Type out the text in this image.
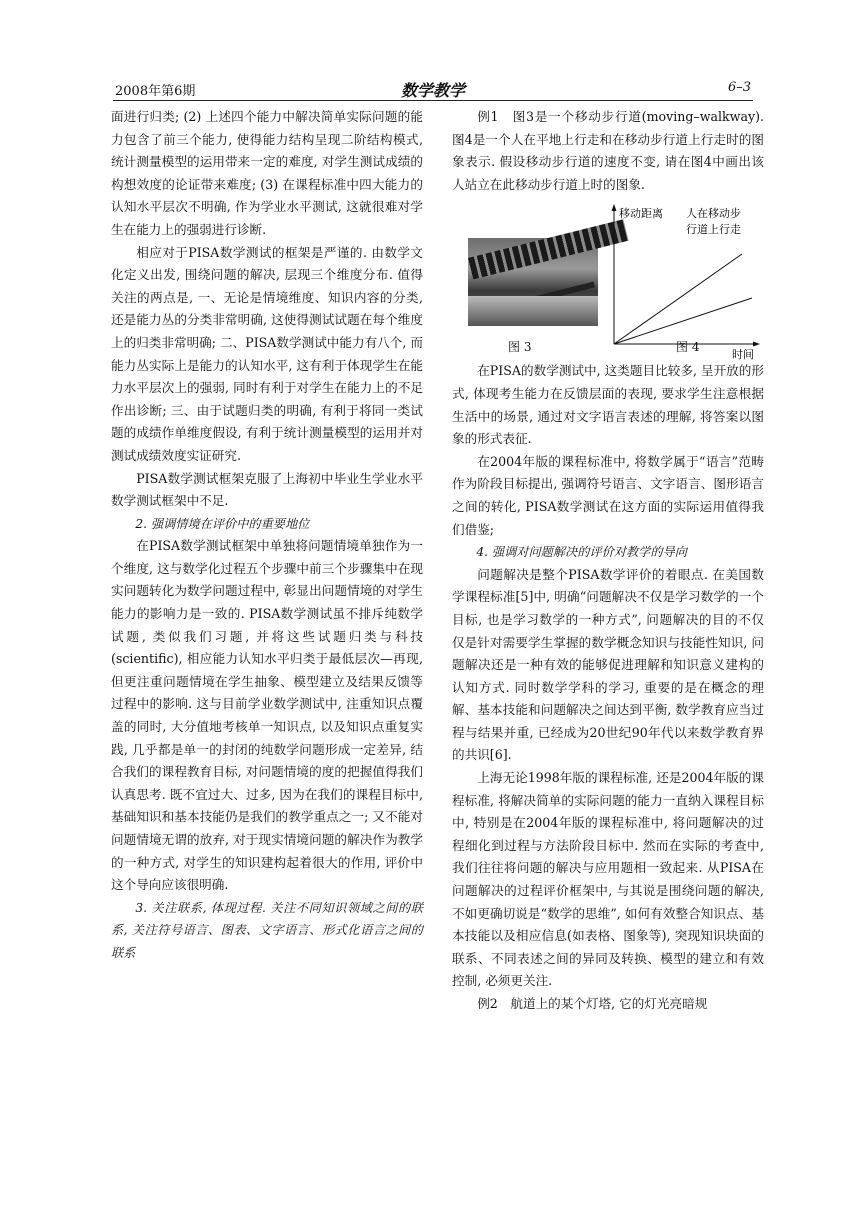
2008年第6期	数学教学	6–3

面进行归类; (2) 上述四个能力中解决简单实际问题的能力包含了前三个能力, 使得能力结构呈现二阶结构模式, 统计测量模型的运用带来一定的难度, 对学生测试成绩的构想效度的论证带来难度; (3) 在课程标准中四大能力的认知水平层次不明确, 作为学业水平测试, 这就很难对学生在能力上的强弱进行诊断.

相应对于PISA数学测试的框架是严谨的. 由数学文化定义出发, 围绕问题的解决, 层现三个维度分布. 值得关注的两点是, 一、无论是情境维度、知识内容的分类, 还是能力丛的分类非常明确, 这使得测试试题在每个维度上的归类非常明确; 二、PISA数学测试中能力有八个, 而能力丛实际上是能力的认知水平, 这有利于体现学生在能力水平层次上的强弱, 同时有利于对学生在能力上的不足作出诊断; 三、由于试题归类的明确, 有利于将同一类试题的成绩作单维度假设, 有利于统计测量模型的运用并对测试成绩效度实证研究.

PISA数学测试框架克服了上海初中毕业生学业水平数学测试框架中不足.

2. 强调情境在评价中的重要地位

在PISA数学测试框架中单独将问题情境单独作为一个维度, 这与数学化过程五个步骤中前三个步骤集中在现实问题转化为数学问题过程中, 彰显出问题情境的对学生能力的影响力是一致的. PISA数学测试虽不排斥纯数学试题, 类似我们习题, 并将这些试题归类与科技(scientific), 相应能力认知水平归类于最低层次—再现, 但更注重问题情境在学生抽象、模型建立及结果反馈等过程中的影响. 这与目前学业数学测试中, 注重知识点覆盖的同时, 大分值地考核单一知识点, 以及知识点重复实践, 几乎都是单一的封闭的纯数学问题形成一定差异, 结合我们的课程教育目标, 对问题情境的度的把握值得我们认真思考. 既不宜过大、过多, 因为在我们的课程目标中, 基础知识和基本技能仍是我们的教学重点之一; 又不能对问题情境无谓的放弃, 对于现实情境问题的解决作为教学的一种方式, 对学生的知识建构起着很大的作用, 评价中这个导向应该很明确.

3. 关注联系, 体现过程. 关注不同知识领域之间的联系, 关注符号语言、图表、文字语言、形式化语言之间的联系

例1　图3是一个移动步行道(moving–walkway). 图4是一个人在平地上行走和在移动步行道上行走时的图象表示. 假设移动步行道的速度不变, 请在图4中画出该人站立在此移动步行道上时的图象.

移动距离 人在移动步
行道上行走
时间
图 3	图 4

在PISA的数学测试中, 这类题目比较多, 呈开放的形式, 体现考生能力在反馈层面的表现, 要求学生注意根据生活中的场景, 通过对文字语言表述的理解, 将答案以图象的形式表征.

在2004年版的课程标准中, 将数学属于“语言”范畴作为阶段目标提出, 强调符号语言、文字语言、图形语言之间的转化, PISA数学测试在这方面的实际运用值得我们借鉴;

4. 强调对问题解决的评价对教学的导向

问题解决是整个PISA数学评价的着眼点. 在美国数学课程标准[5]中, 明确“问题解决不仅是学习数学的一个目标, 也是学习数学的一种方式”, 问题解决的目的不仅仅是针对需要学生掌握的数学概念知识与技能性知识, 问题解决还是一种有效的能够促进理解和知识意义建构的认知方式. 同时数学学科的学习, 重要的是在概念的理解、基本技能和问题解决之间达到平衡, 数学教育应当过程与结果并重, 已经成为20世纪90年代以来数学教育界的共识[6].

上海无论1998年版的课程标准, 还是2004年版的课程标准, 将解决简单的实际问题的能力一直纳入课程目标中, 特别是在2004年版的课程标准中, 将问题解决的过程细化到过程与方法阶段目标中. 然而在实际的考查中, 我们往往将问题的解决与应用题相一致起来. 从PISA在问题解决的过程评价框架中, 与其说是围绕问题的解决, 不如更确切说是“数学的思维”, 如何有效整合知识点、基本技能以及相应信息(如表格、图象等), 突现知识块面的联系、不同表述之间的异同及转换、模型的建立和有效控制, 必须更关注.

例2　航道上的某个灯塔, 它的灯光亮暗规
